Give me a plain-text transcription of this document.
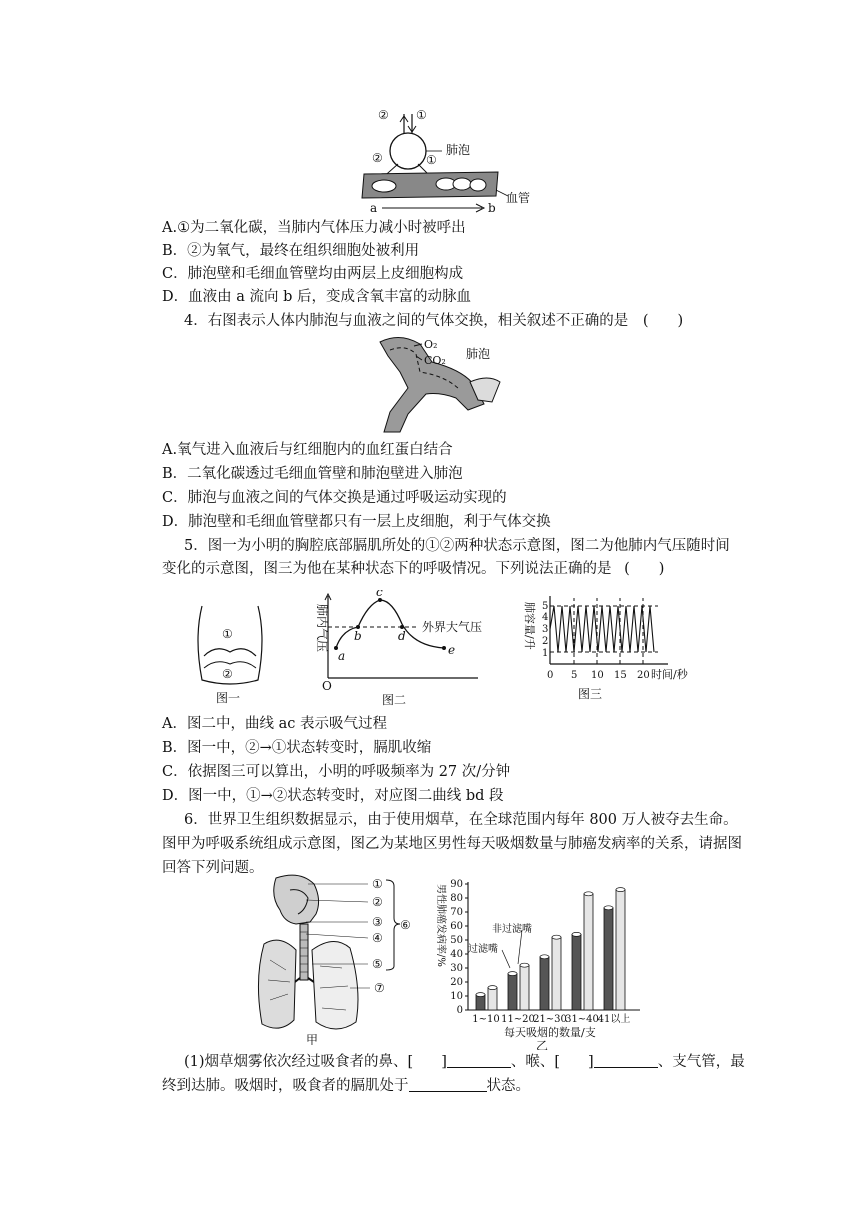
② ①
②	①
肺泡
血管
a	b
A.①为二氧化碳，当肺内气体压力减小时被呼出
B．②为氧气，最终在组织细胞处被利用
C．肺泡壁和毛细血管壁均由两层上皮细胞构成
D．血液由 a 流向 b 后，变成含氧丰富的动脉血
4．右图表示人体内肺泡与血液之间的气体交换，相关叙述不正确的是 (　　)
O₂
CO₂ 肺泡
A.氧气进入血液后与红细胞内的血红蛋白结合
B．二氧化碳透过毛细血管壁和肺泡壁进入肺泡
C．肺泡与血液之间的气体交换是通过呼吸运动实现的
D．肺泡壁和毛细血管壁都只有一层上皮细胞，利于气体交换
5．图一为小明的胸腔底部膈肌所处的①②两种状态示意图，图二为他肺内气压随时间
变化的示意图，图三为他在某种状态下的呼吸情况。下列说法正确的是 (　　)
①
②
图一
a
b
c
d
e
外界大气压
O
图二
肺内气压
1
2
3
4
5
0 5 10 15 20 时间/秒
肺容量/升
图三
A．图二中，曲线 ac 表示吸气过程
B．图一中，②→①状态转变时，膈肌收缩
C．依据图三可以算出，小明的呼吸频率为 27 次/分钟
D．图一中，①→②状态转变时，对应图二曲线 bd 段
6．世界卫生组织数据显示，由于使用烟草，在全球范围内每年 800 万人被夺去生命。
图甲为呼吸系统组成示意图，图乙为某地区男性每天吸烟数量与肺癌发病率的关系，请据图
回答下列问题。
①
②
③
④
⑤
⑦
⑥
甲
0
10
20
30
40
50
60
70
80
90
1~10 11~20
21~30
31~40
41以上
非过滤嘴
过滤嘴
男性肺癌发病率/%
每天吸烟的数量/支
乙
(1)烟草烟雾依次经过吸食者的鼻、[ ]	、喉、[ ]	、支气管，最
终到达肺。吸烟时，吸食者的膈肌处于	状态。
